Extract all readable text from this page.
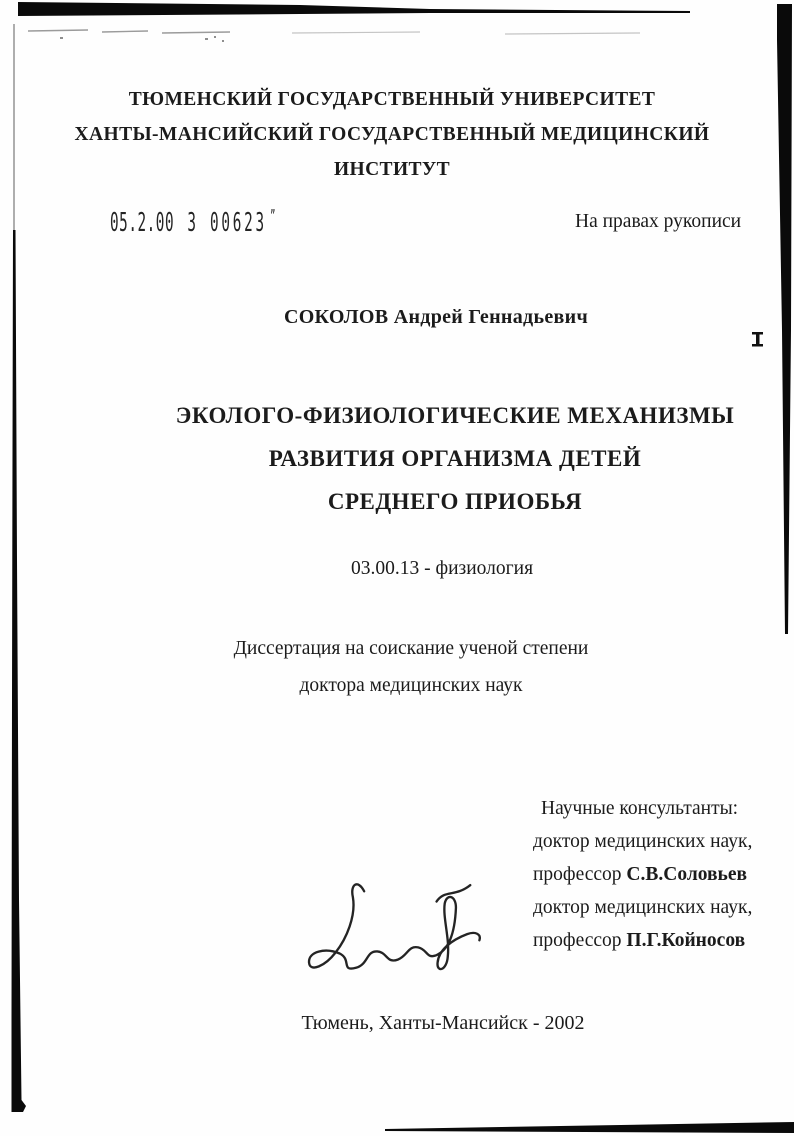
ТЮМЕНСКИЙ ГОСУДАРСТВЕННЫЙ УНИВЕРСИТЕТ
ХАНТЫ-МАНСИЙСКИЙ ГОСУДАРСТВЕННЫЙ МЕДИЦИНСКИЙ
ИНСТИТУТ
05.2.00 3 00623 ”	На правах рукописи
СОКОЛОВ Андрей Геннадьевич
ЭКОЛОГО-ФИЗИОЛОГИЧЕСКИЕ МЕХАНИЗМЫ
РАЗВИТИЯ ОРГАНИЗМА ДЕТЕЙ
СРЕДНЕГО ПРИОБЬЯ
03.00.13 - физиология
Диссертация на соискание ученой степени
доктора медицинских наук
Научные консультанты:
доктор медицинских наук,
профессор С.В.Соловьев
доктор медицинских наук,
профессор П.Г.Койносов
Тюмень, Ханты-Мансийск - 2002
